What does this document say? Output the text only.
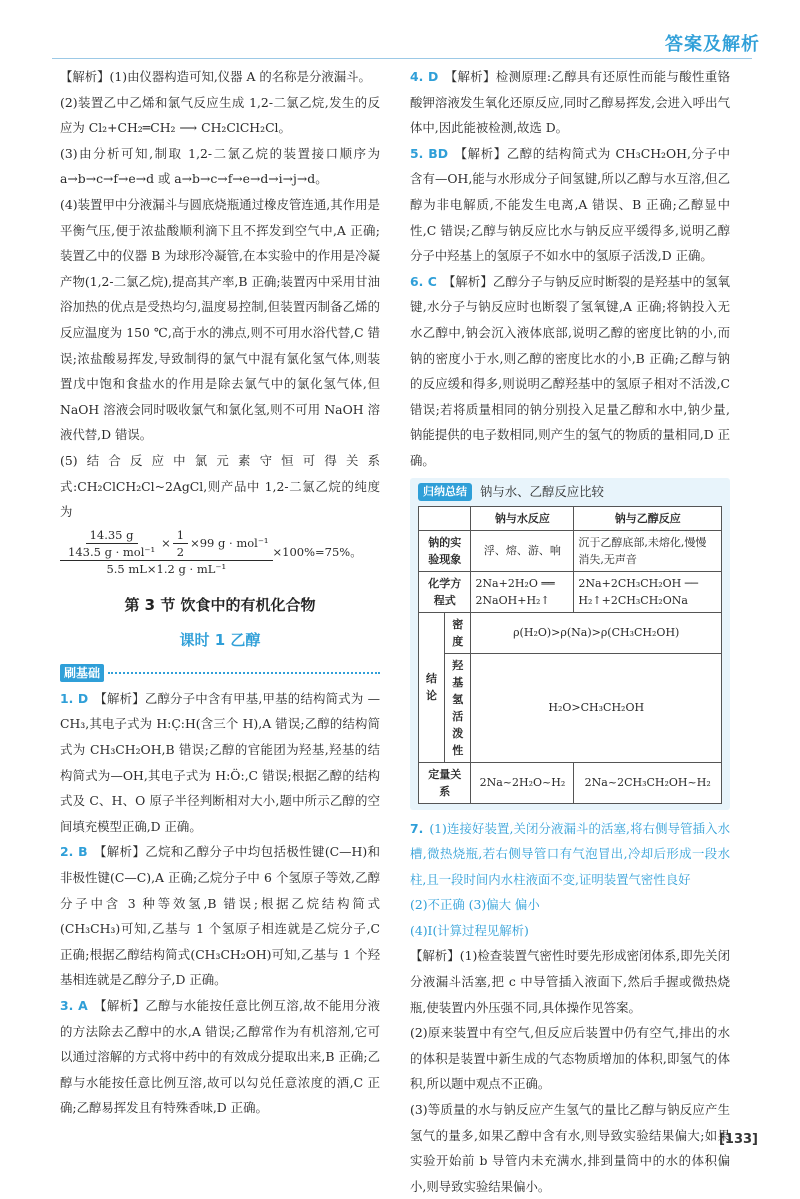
答案及解析

【解析】(1)由仪器构造可知,仪器 A 的名称是分液漏斗。

(2)装置乙中乙烯和氯气反应生成 1,2-二氯乙烷,发生的反应为 Cl₂+CH₂═CH₂ ⟶ CH₂ClCH₂Cl。

(3)由分析可知,制取 1,2-二氯乙烷的装置接口顺序为 a→b→c→f→e→d 或 a→b→c→f→e→d→i→j→d。

(4)装置甲中分液漏斗与圆底烧瓶通过橡皮管连通,其作用是平衡气压,便于浓盐酸顺利滴下且不挥发到空气中,A 正确;装置乙中的仪器 B 为球形冷凝管,在本实验中的作用是冷凝产物(1,2-二氯乙烷),提高其产率,B 正确;装置丙中采用甘油浴加热的优点是受热均匀,温度易控制,但装置丙制备乙烯的反应温度为 150 ℃,高于水的沸点,则不可用水浴代替,C 错误;浓盐酸易挥发,导致制得的氯气中混有氯化氢气体,则装置戊中饱和食盐水的作用是除去氯气中的氯化氢气体,但 NaOH 溶液会同时吸收氯气和氯化氢,则不可用 NaOH 溶液代替,D 错误。

(5)结合反应中氯元素守恒可得关系式:CH₂ClCH₂Cl~2AgCl,则产品中 1,2-二氯乙烷的纯度为

$\frac{14.35 g}{\text{143.5 g · mol⁻¹}} \times \frac{1}{2} \times 99$ g · mol⁻¹
5.5 mL×1.2 g · mL⁻¹
×100%=75%。
第 3 节 饮食中的有机化合物
课时 1 乙醇
刷基础

1. D 【解析】乙醇分子中含有甲基,甲基的结构简式为 —CH₃,其电子式为 H:C̣:H(含三个 H),A 错误;乙醇的结构简式为 CH₃CH₂OH,B 错误;乙醇的官能团为羟基,羟基的结构简式为—OH,其电子式为 H:Ö:,C 错误;根据乙醇的结构式及 C、H、O 原子半径判断相对大小,题中所示乙醇的空间填充模型正确,D 正确。

2. B 【解析】乙烷和乙醇分子中均包括极性键(C—H)和非极性键(C—C),A 正确;乙烷分子中 6 个氢原子等效,乙醇分子中含 3 种等效氢,B 错误;根据乙烷结构简式(CH₃CH₃)可知,乙基与 1 个氢原子相连就是乙烷分子,C 正确;根据乙醇结构简式(CH₃CH₂OH)可知,乙基与 1 个羟基相连就是乙醇分子,D 正确。

3. A 【解析】乙醇与水能按任意比例互溶,故不能用分液的方法除去乙醇中的水,A 错误;乙醇常作为有机溶剂,它可以通过溶解的方式将中药中的有效成分提取出来,B 正确;乙醇与水能按任意比例互溶,故可以勾兑任意浓度的酒,C 正确;乙醇易挥发且有特殊香味,D 正确。

4. D 【解析】检测原理:乙醇具有还原性而能与酸性重铬酸钾溶液发生氧化还原反应,同时乙醇易挥发,会进入呼出气体中,因此能被检测,故选 D。

5. BD 【解析】乙醇的结构简式为 CH₃CH₂OH,分子中含有—OH,能与水形成分子间氢键,所以乙醇与水互溶,但乙醇为非电解质,不能发生电离,A 错误、B 正确;乙醇显中性,C 错误;乙醇与钠反应比水与钠反应平缓得多,说明乙醇分子中羟基上的氢原子不如水中的氢原子活泼,D 正确。

6. C 【解析】乙醇分子与钠反应时断裂的是羟基中的氢氧键,水分子与钠反应时也断裂了氢氧键,A 正确;将钠投入无水乙醇中,钠会沉入液体底部,说明乙醇的密度比钠的小,而钠的密度小于水,则乙醇的密度比水的小,B 正确;乙醇与钠的反应缓和得多,则说明乙醇羟基中的氢原子相对不活泼,C 错误;若将质量相同的钠分别投入足量乙醇和水中,钠少量,钠能提供的电子数相同,则产生的氢气的物质的量相同,D 正确。

归纳总结	钠与水、乙醇反应比较
		钠与水反应	钠与乙醇反应
钠的实验现象		浮、熔、游、响	沉于乙醇底部,未熔化,慢慢消失,无声音
化学方程式		2Na+2H₂O ══ 2NaOH+H₂↑	2Na+2CH₃CH₂OH ── H₂↑+2CH₃CH₂ONa
结论	密度	ρ(H₂O)>ρ(Na)>ρ(CH₃CH₂OH)	
	羟基氢活泼性	H₂O>CH₃CH₂OH	
定量关系		2Na~2H₂O~H₂	2Na~2CH₃CH₂OH~H₂

7. (1)连接好装置,关闭分液漏斗的活塞,将右侧导管插入水槽,微热烧瓶,若右侧导管口有气泡冒出,冷却后形成一段水柱,且一段时间内水柱液面不变,证明装置气密性良好

(2)不正确 (3)偏大 偏小

(4)Ⅰ(计算过程见解析)

【解析】(1)检查装置气密性时要先形成密闭体系,即先关闭分液漏斗活塞,把 c 中导管插入液面下,然后手握或微热烧瓶,使装置内外压强不同,具体操作见答案。

(2)原来装置中有空气,但反应后装置中仍有空气,排出的水的体积是装置中新生成的气态物质增加的体积,即氢气的体积,所以题中观点不正确。

(3)等质量的水与钠反应产生氢气的量比乙醇与钠反应产生氢气的量多,如果乙醇中含有水,则导致实验结果偏大;如果实验开始前 b 导管内未充满水,排到量筒中的水的体积偏小,则导致实验结果偏小。

[133]
